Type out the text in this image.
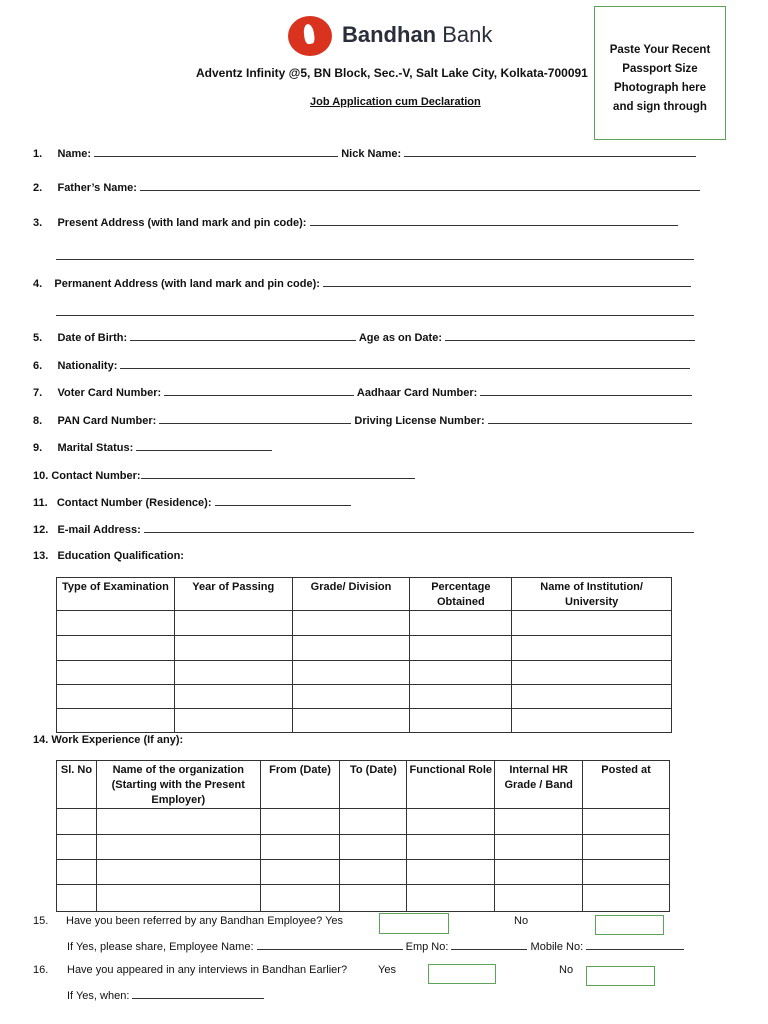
Bandhan Bank
Adventz Infinity @5, BN Block, Sec.-V, Salt Lake City, Kolkata-700091
Job Application cum Declaration
Paste Your Recent
Passport Size
Photograph here
and sign through
1. Name:	Nick Name:
2. Father’s Name:
3. Present Address (with land mark and pin code):
4. Permanent Address (with land mark and pin code):
5. Date of Birth:	Age as on Date:
6. Nationality:
7. Voter Card Number:	Aadhaar Card Number:
8. PAN Card Number:	Driving License Number:
9. Marital Status:
10. Contact Number:
11. Contact Number (Residence):
12. E-mail Address:
13. Education Qualification:
Type of Examination	Year of Passing	Grade/ Division	Percentage Obtained	Name of Institution/ University

14. Work Experience (If any):
Sl. No	Name of the organization (Starting with the Present Employer)	From (Date)	To (Date)	Functional Role	Internal HR Grade / Band	Posted at

15. Have you been referred by any Bandhan Employee? Yes	No
If Yes, please share, Employee Name:	Emp No:	Mobile No:
16. Have you appeared in any interviews in Bandhan Earlier?	Yes	No
If Yes, when:
